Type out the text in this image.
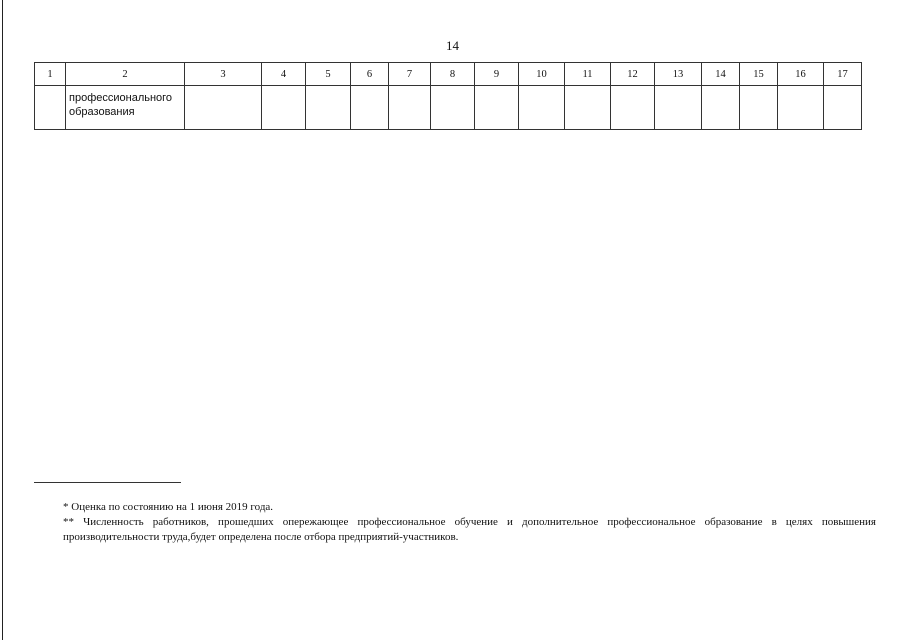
14
1	2	3	4	5	6	7	8	9	10	11	12	13	14	15	16	17

	профессионального
образования															

* Оценка по состоянию на 1 июня 2019 года.

** Численность работников, прошедших опережающее профессиональное обучение и дополнительное профессиональное образование в целях повышения производительности труда,будет определена после отбора предприятий-участников.
